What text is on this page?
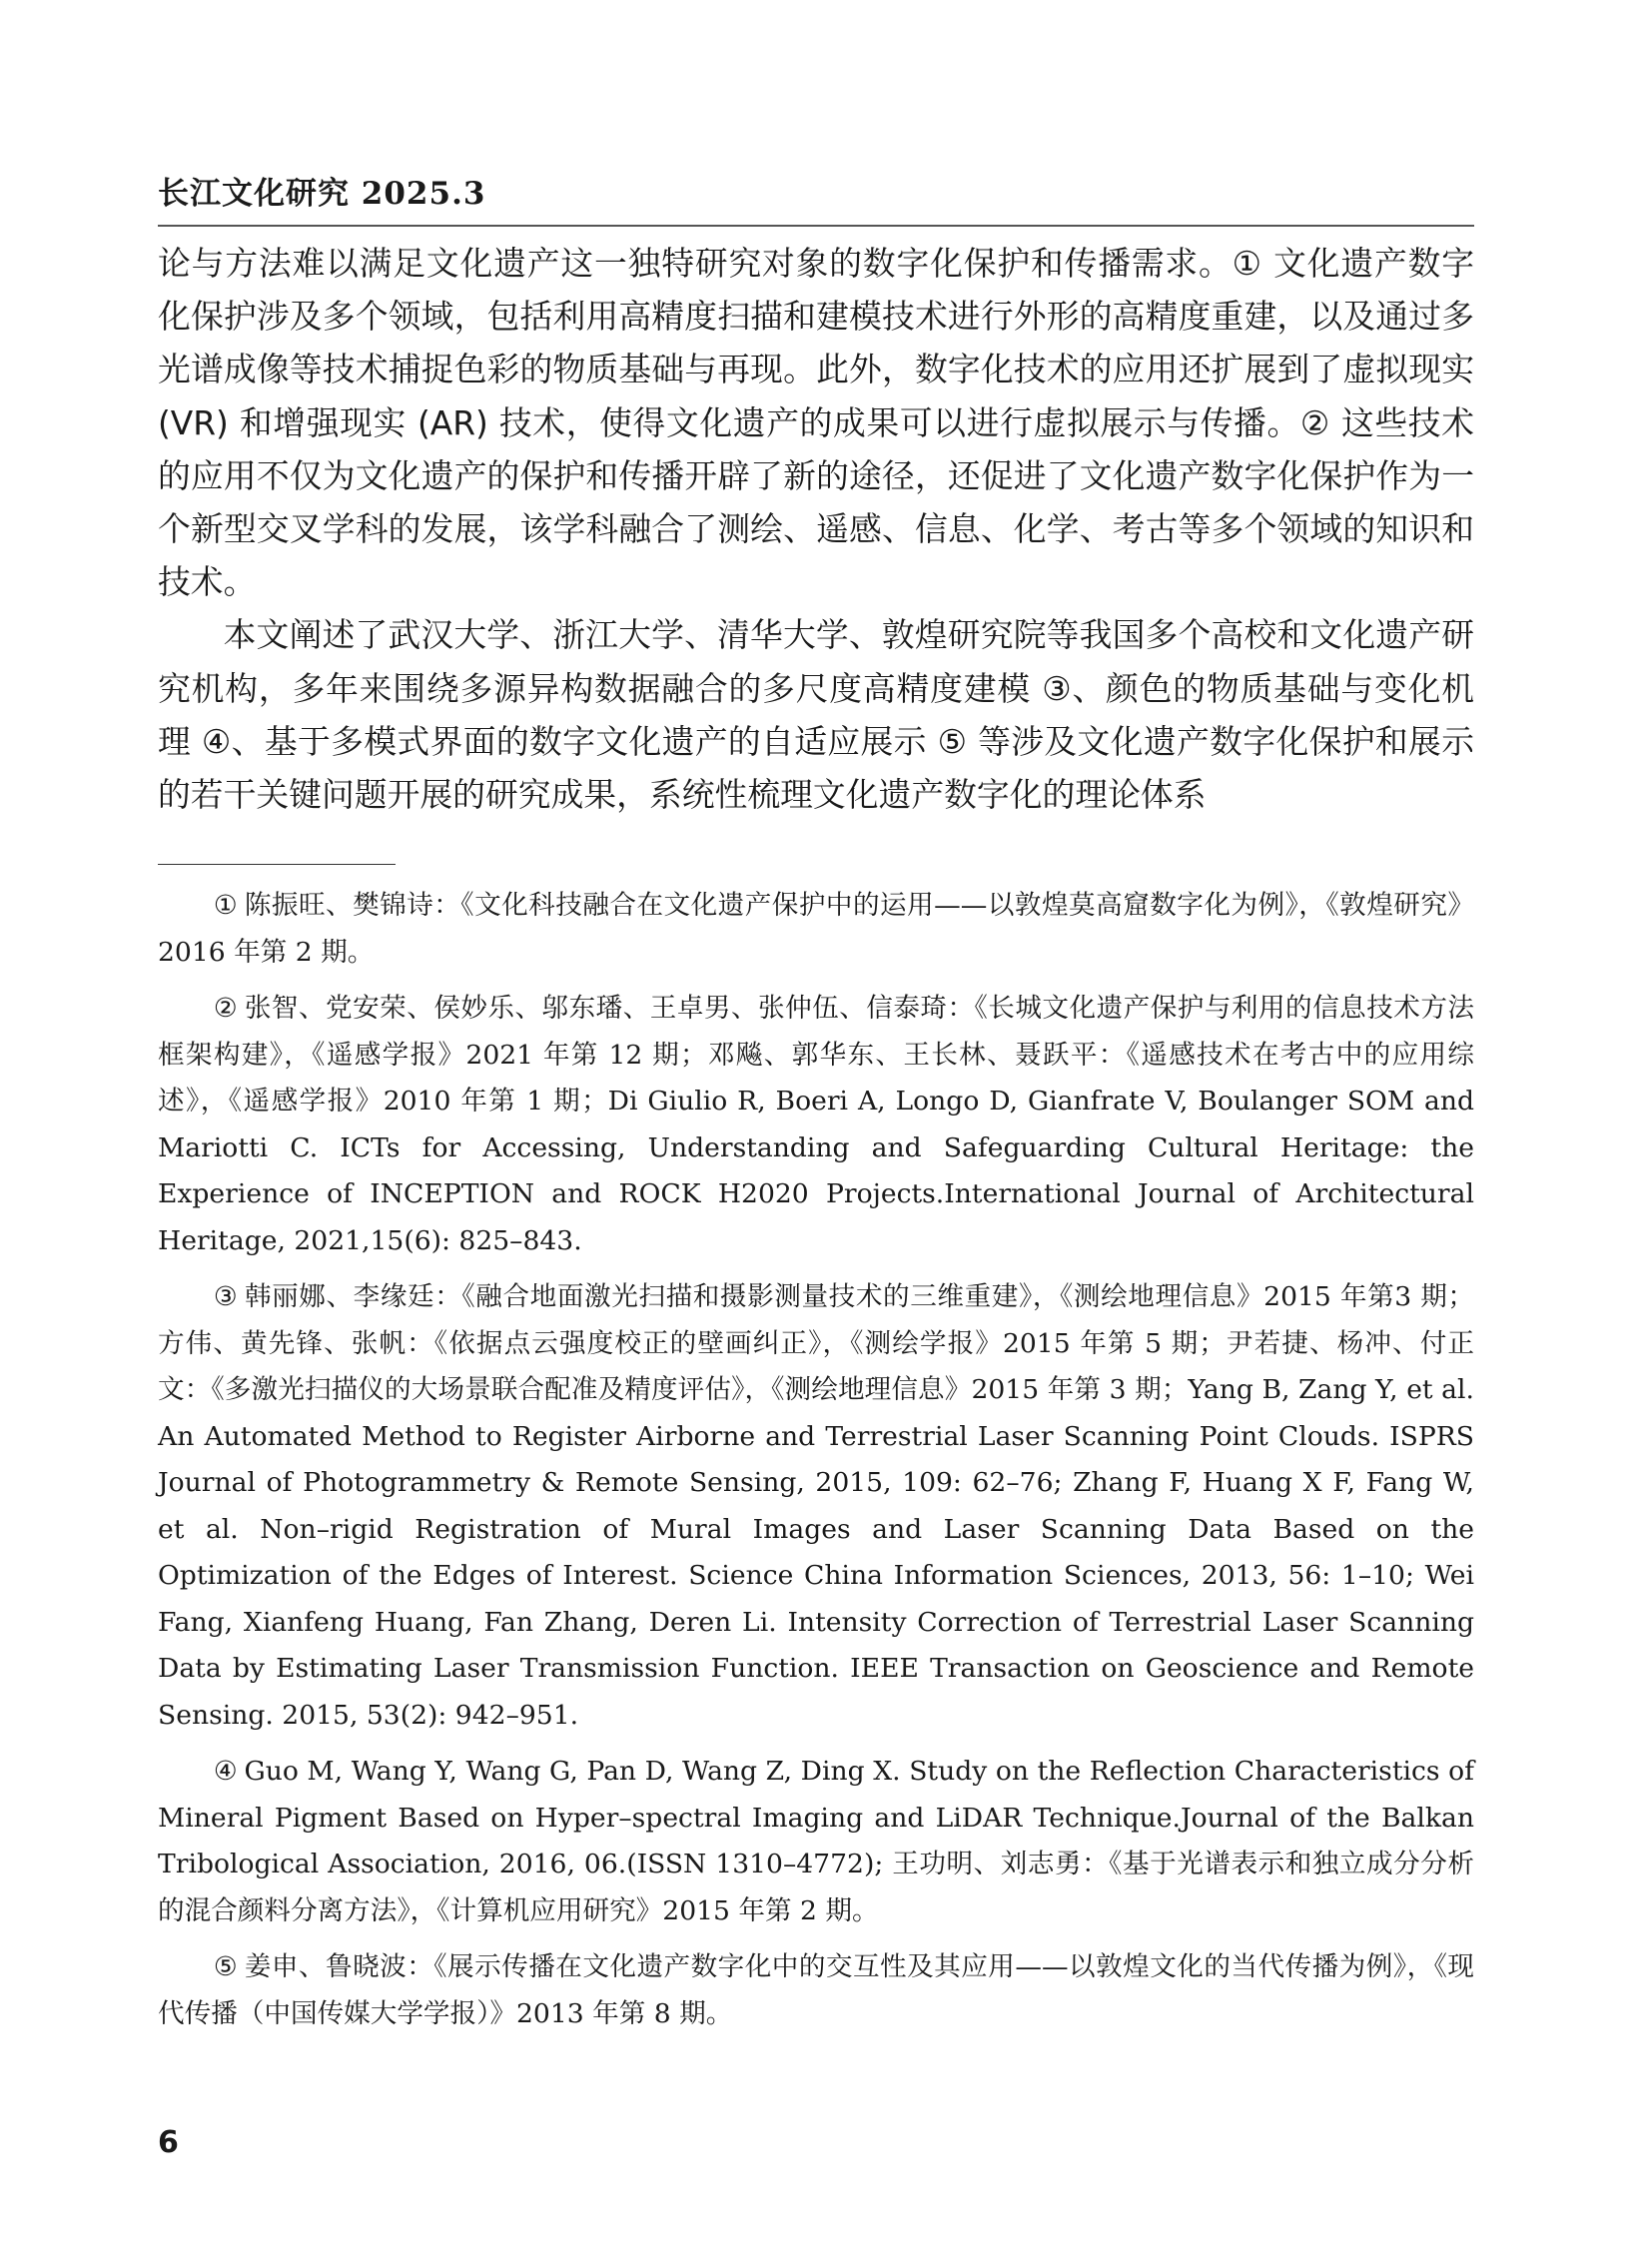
长江文化研究 2025.3

论与方法难以满足文化遗产这一独特研究对象的数字化保护和传播需求。① 文化遗产数字化保护涉及多个领域，包括利用高精度扫描和建模技术进行外形的高精度重建，以及通过多光谱成像等技术捕捉色彩的物质基础与再现。此外，数字化技术的应用还扩展到了虚拟现实 (VR) 和增强现实 (AR) 技术，使得文化遗产的成果可以进行虚拟展示与传播。② 这些技术的应用不仅为文化遗产的保护和传播开辟了新的途径，还促进了文化遗产数字化保护作为一个新型交叉学科的发展，该学科融合了测绘、遥感、信息、化学、考古等多个领域的知识和技术。

本文阐述了武汉大学、浙江大学、清华大学、敦煌研究院等我国多个高校和文化遗产研究机构，多年来围绕多源异构数据融合的多尺度高精度建模 ③、颜色的物质基础与变化机理 ④、基于多模式界面的数字文化遗产的自适应展示 ⑤ 等涉及文化遗产数字化保护和展示的若干关键问题开展的研究成果，系统性梳理文化遗产数字化的理论体系

① 陈振旺、樊锦诗：《文化科技融合在文化遗产保护中的运用——以敦煌莫高窟数字化为例》，《敦煌研究》2016 年第 2 期。

② 张智、党安荣、侯妙乐、邬东璠、王卓男、张仲伍、信泰琦：《长城文化遗产保护与利用的信息技术方法框架构建》，《遥感学报》2021 年第 12 期；邓飚、郭华东、王长林、聂跃平：《遥感技术在考古中的应用综述》，《遥感学报》2010 年第 1 期；Di Giulio R, Boeri A, Longo D, Gianfrate V, Boulanger SOM and Mariotti C. ICTs for Accessing, Understanding and Safeguarding Cultural Heritage: the Experience of INCEPTION and ROCK H2020 Projects.International Journal of Architectural Heritage, 2021,15(6): 825–843.

③ 韩丽娜、李缘廷：《融合地面激光扫描和摄影测量技术的三维重建》，《测绘地理信息》2015 年第3 期；方伟、黄先锋、张帆：《依据点云强度校正的壁画纠正》，《测绘学报》2015 年第 5 期；尹若捷、杨冲、付正文：《多激光扫描仪的大场景联合配准及精度评估》，《测绘地理信息》2015 年第 3 期；Yang B, Zang Y, et al. An Automated Method to Register Airborne and Terrestrial Laser Scanning Point Clouds. ISPRS Journal of Photogrammetry & Remote Sensing, 2015, 109: 62–76; Zhang F, Huang X F, Fang W, et al. Non–rigid Registration of Mural Images and Laser Scanning Data Based on the Optimization of the Edges of Interest. Science China Information Sciences, 2013, 56: 1–10; Wei Fang, Xianfeng Huang, Fan Zhang, Deren Li. Intensity Correction of Terrestrial Laser Scanning Data by Estimating Laser Transmission Function. IEEE Transaction on Geoscience and Remote Sensing. 2015, 53(2): 942–951.

④ Guo M, Wang Y, Wang G, Pan D, Wang Z, Ding X. Study on the Reflection Characteristics of Mineral Pigment Based on Hyper–spectral Imaging and LiDAR Technique.Journal of the Balkan Tribological Association, 2016, 06.(ISSN 1310–4772); 王功明、刘志勇：《基于光谱表示和独立成分分析的混合颜料分离方法》，《计算机应用研究》2015 年第 2 期。

⑤ 姜申、鲁晓波：《展示传播在文化遗产数字化中的交互性及其应用——以敦煌文化的当代传播为例》，《现代传播（中国传媒大学学报）》2013 年第 8 期。

6
